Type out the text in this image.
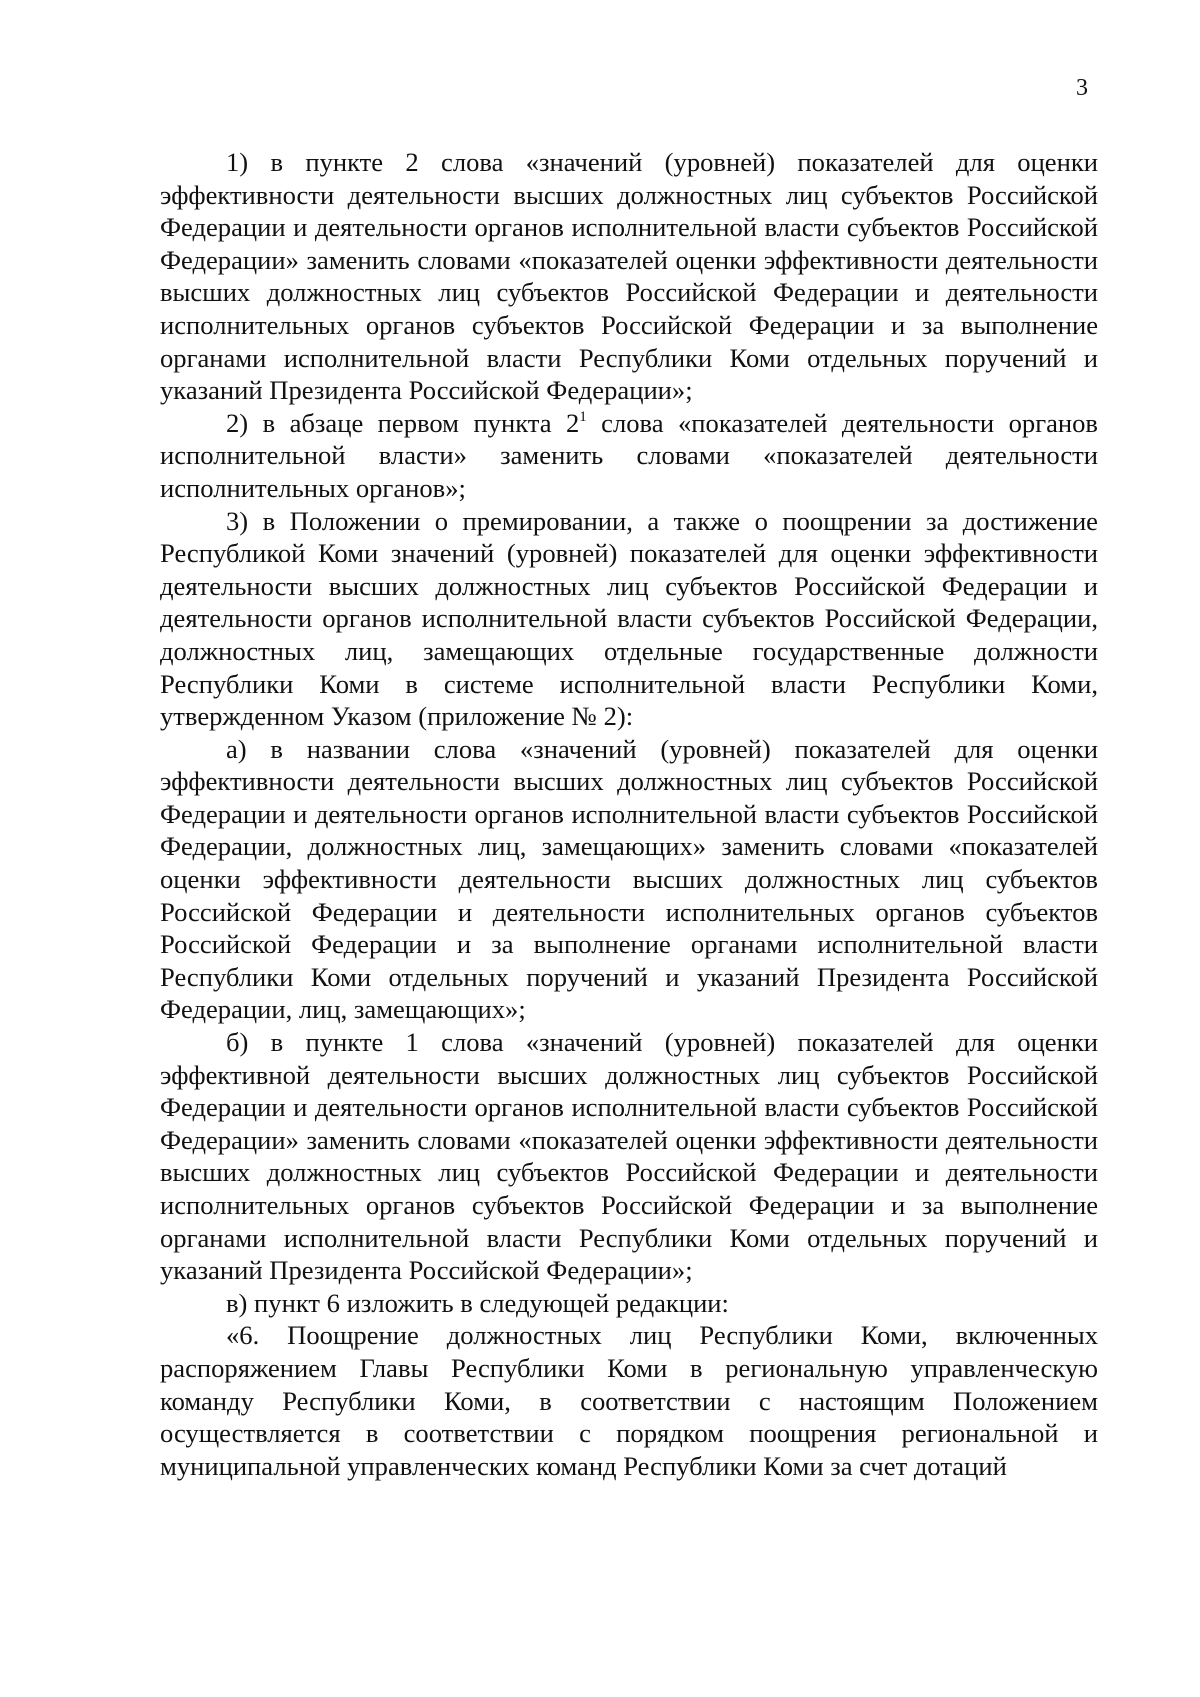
3

1) в пункте 2 слова «значений (уровней) показателей для оценки эффективности деятельности высших должностных лиц субъектов Российской Федерации и деятельности органов исполнительной власти субъектов Российской Федерации» заменить словами «показателей оценки эффективности деятельности высших должностных лиц субъектов Российской Федерации и деятельности исполнительных органов субъектов Российской Федерации и за выполнение органами исполнительной власти Республики Коми отдельных поручений и указаний Президента Российской Федерации»;

2) в абзаце первом пункта $2^1$ слова «показателей деятельности органов исполнительной власти» заменить словами «показателей деятельности исполнительных органов»;

3) в Положении о премировании, а также о поощрении за достижение Республикой Коми значений (уровней) показателей для оценки эффективности деятельности высших должностных лиц субъектов Российской Федерации и деятельности органов исполнительной власти субъектов Российской Федерации, должностных лиц, замещающих отдельные государственные должности Республики Коми в системе исполнительной власти Республики Коми, утвержденном Указом (приложение № 2):

а) в названии слова «значений (уровней) показателей для оценки эффективности деятельности высших должностных лиц субъектов Российской Федерации и деятельности органов исполнительной власти субъектов Российской Федерации, должностных лиц, замещающих» заменить словами «показателей оценки эффективности деятельности высших должностных лиц субъектов Российской Федерации и деятельности исполнительных органов субъектов Российской Федерации и за выполнение органами исполнительной власти Республики Коми отдельных поручений и указаний Президента Российской Федерации, лиц, замещающих»;

б) в пункте 1 слова «значений (уровней) показателей для оценки эффективной деятельности высших должностных лиц субъектов Российской Федерации и деятельности органов исполнительной власти субъектов Российской Федерации» заменить словами «показателей оценки эффективности деятельности высших должностных лиц субъектов Российской Федерации и деятельности исполнительных органов субъектов Российской Федерации и за выполнение органами исполнительной власти Республики Коми отдельных поручений и указаний Президента Российской Федерации»;

в) пункт 6 изложить в следующей редакции:

«6. Поощрение должностных лиц Республики Коми, включенных распоряжением Главы Республики Коми в региональную управленческую команду Республики Коми, в соответствии с настоящим Положением осуществляется в соответствии с порядком поощрения региональной и муниципальной управленческих команд Республики Коми за счет дотаций
